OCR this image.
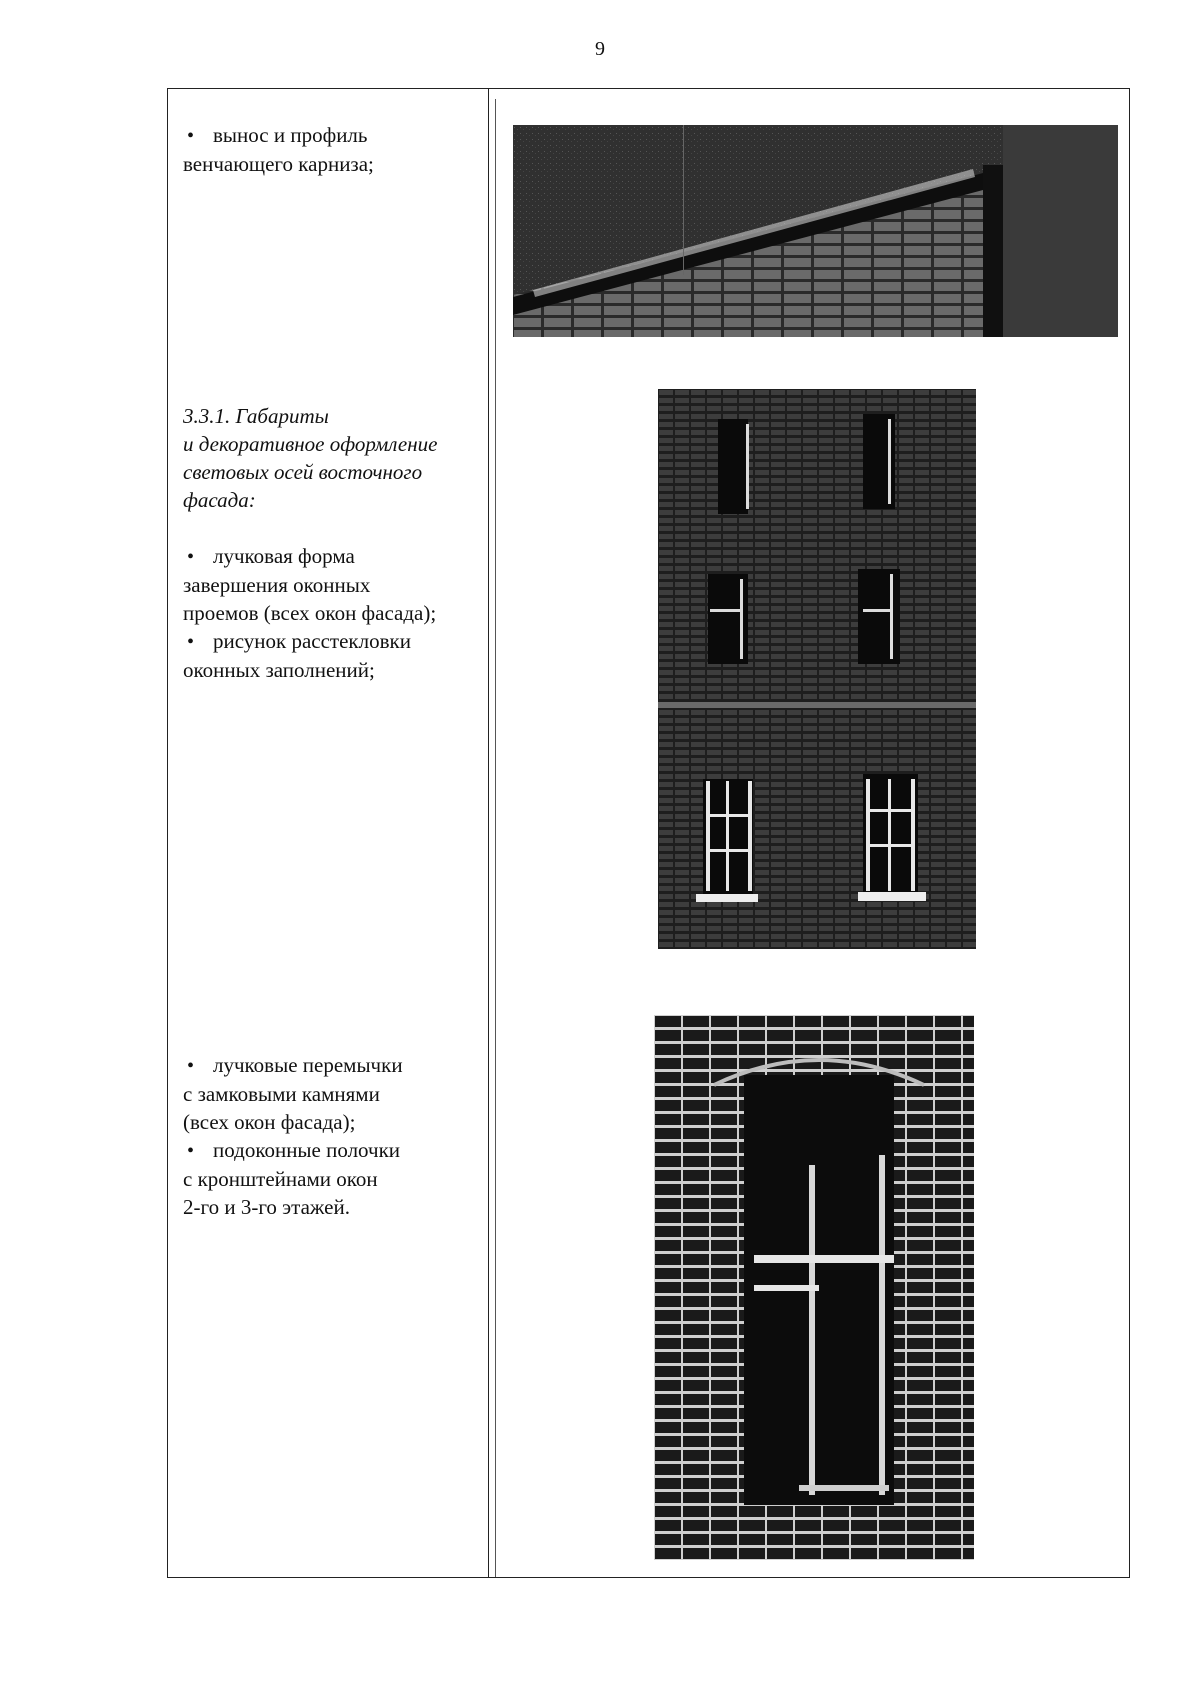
9

• вынос и профиль

венчающего карниза;

3.3.1. Габариты

и декоративное оформление

световых осей восточного

фасада:

• лучковая форма

завершения оконных

проемов (всех окон фасада);

• рисунок расстекловки

оконных заполнений;

• лучковые перемычки

с замковыми камнями

(всех окон фасада);

• подоконные полочки

с кронштейнами окон

2-го и 3-го этажей.
